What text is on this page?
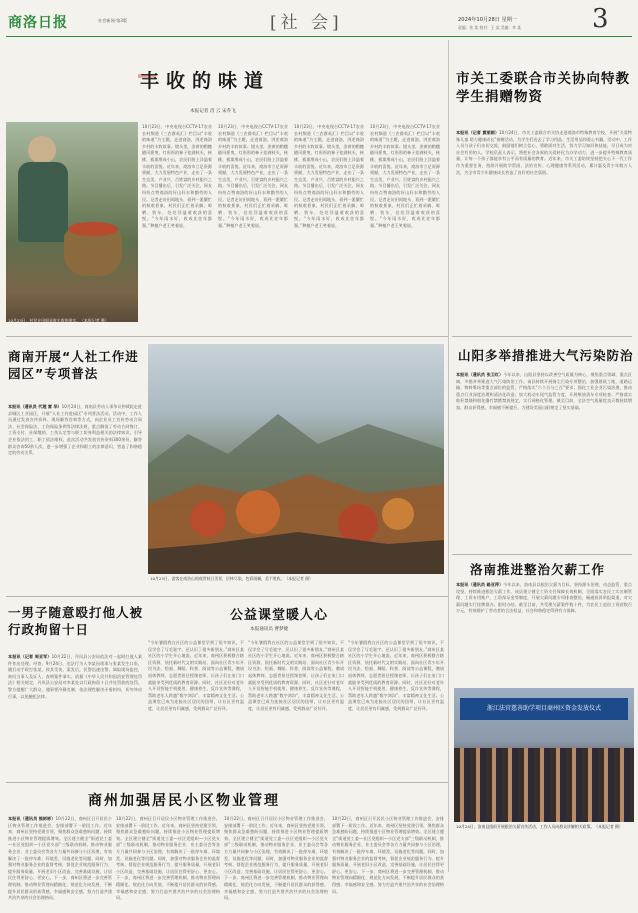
商洛日报	社会新闻·第3版	[社 会]	2024年10月28日 星期一
责编：张 某 校对：王 某 美编：李 某	3
丰收的味道
本报记者 肖 云 宋乔飞
10月23日，村民在田间采收丰收的果实。（本报记者 摄）
10月23日，中央电视台CCTV-17农业农村频道《三农群英汇》栏目以“丰收的味道”为主题，走进商洛，讲述商洛乡村的丰收故事。镜头里，金黄的稻穗随风摇曳，红彤彤的柿子挂满枝头，核桃、板栗堆成小山，农民们脸上洋溢着丰收的喜悦。近年来，商洛市立足资源禀赋，大力发展特色产业，走出了一条生态美、产业兴、百姓富的乡村振兴之路。节目播出后，引发广泛关注，网友纷纷点赞商洛的好山好水和勤劳的人民。记者走访田间地头，看到一派繁忙的秋收景象，村民们正忙着采摘、晾晒、装车，处处洋溢着收获的喜悦。“今年雨水好，收成比往年都强。”种植户老王笑着说。
10月23日，中央电视台CCTV-17农业农村频道《三农群英汇》栏目以“丰收的味道”为主题，走进商洛，讲述商洛乡村的丰收故事。镜头里，金黄的稻穗随风摇曳，红彤彤的柿子挂满枝头，核桃、板栗堆成小山，农民们脸上洋溢着丰收的喜悦。近年来，商洛市立足资源禀赋，大力发展特色产业，走出了一条生态美、产业兴、百姓富的乡村振兴之路。节目播出后，引发广泛关注，网友纷纷点赞商洛的好山好水和勤劳的人民。记者走访田间地头，看到一派繁忙的秋收景象，村民们正忙着采摘、晾晒、装车，处处洋溢着收获的喜悦。“今年雨水好，收成比往年都强。”种植户老王笑着说。
10月23日，中央电视台CCTV-17农业农村频道《三农群英汇》栏目以“丰收的味道”为主题，走进商洛，讲述商洛乡村的丰收故事。镜头里，金黄的稻穗随风摇曳，红彤彤的柿子挂满枝头，核桃、板栗堆成小山，农民们脸上洋溢着丰收的喜悦。近年来，商洛市立足资源禀赋，大力发展特色产业，走出了一条生态美、产业兴、百姓富的乡村振兴之路。节目播出后，引发广泛关注，网友纷纷点赞商洛的好山好水和勤劳的人民。记者走访田间地头，看到一派繁忙的秋收景象，村民们正忙着采摘、晾晒、装车，处处洋溢着收获的喜悦。“今年雨水好，收成比往年都强。”种植户老王笑着说。
10月23日，中央电视台CCTV-17农业农村频道《三农群英汇》栏目以“丰收的味道”为主题，走进商洛，讲述商洛乡村的丰收故事。镜头里，金黄的稻穗随风摇曳，红彤彤的柿子挂满枝头，核桃、板栗堆成小山，农民们脸上洋溢着丰收的喜悦。近年来，商洛市立足资源禀赋，大力发展特色产业，走出了一条生态美、产业兴、百姓富的乡村振兴之路。节目播出后，引发广泛关注，网友纷纷点赞商洛的好山好水和勤劳的人民。记者走访田间地头，看到一派繁忙的秋收景象，村民们正忙着采摘、晾晒、装车，处处洋溢着收获的喜悦。“今年雨水好，收成比往年都强。”种植户老王笑着说。
市关工委联合市关协向特教学生捐赠物资
本报讯（记者 黄丽娟）10月24日，市关工委联合市关协走进商洛市特殊教育学校，开展“关爱特殊儿童 助力健康成长”捐赠活动，为学生们送去了学习用品、生活用品和爱心书籍。活动中，工作人员与孩子们亲切交流，鼓励他们树立信心，勇敢面对生活，努力学习知识和技能，早日成为对社会有用的人。学校负责人表示，将把社会各界的关爱转化为办学动力，进一步提升特殊教育质量，让每一个孩子都能享有公平而有质量的教育。近年来，市关工委始终坚持把关心下一代工作作为重要任务，持续开展助学帮困、法治宣传、心理健康等系列活动，累计惠及青少年数万人次，为全市青少年健康成长营造了良好的社会氛围。
商南开展“人社工作进园区”专项普法
本报讯（通讯员 代理 雷 华）10月24日，商南县劳动人事争议仲裁院走进县城区工业园区，开展“人社工作进园区”专项普法活动。活动中，工作人员通过发放宣传资料、现场解答咨询等方式，向企业员工宣传劳动合同法、社会保险法、工伤保险条例等法律法规，重点解读了劳动合同签订、工资支付、社保缴纳、工伤认定等与职工切身利益相关的法律知识，引导企业依法用工、职工依法维权。此次活动共发放宣传资料300余份，解答群众咨询50余人次，进一步增强了企业和职工的法律意识，营造了和谐稳定的劳动关系。
10月23日，游客在商洛山间观赏秋日美景，层林尽染，色彩斑斓，美不胜收。（本报记者 摄）
山阳多举措推进大气污染防治
本报讯（通讯员 张卫红）今年以来，山阳县坚持以改善空气质量为核心，聚焦重点领域、重点区域，多措并举推进大气污染防治工作。该县持续开展扬尘污染专项整治，加强建筑工地、道路运输、物料堆场等重点部位的监管，严格落实“六个百分之百”要求；强化工业企业污染治理，推动重点行业深度治理和清洁化改造；加大机动车尾气监管力度，开展柴油货车专项检查；严格落实秸秆禁烧和烟花爆竹禁燃禁放规定，实行网格化管理。截至目前，全县空气质量优良天数持续增加，群众获得感、幸福感不断提升，为建设美丽山阳奠定了坚实基础。
洛南推进整治欠薪工作
本报讯（通讯员 路亚萍）今年以来，洛南县以根治欠薪为目标，坚持源头治理、动态监管、重点攻坚，持续推进根治欠薪工作。该县建立健全工资支付保障长效机制，全面落实农民工实名制管理、工资专用账户、工资保证金等制度，开展欠薪问题专项排查整治，畅通投诉举报渠道，对欠薪问题实行挂牌督办、限时办结。截至目前，共受理欠薪案件数十件，为农民工追回工资款数百万元，有效维护了劳动者的合法权益，社会和谐稳定得到有力保障。
浙江法官慈善助学项目商州区资金发放仪式
10月24日，洛南县组织开展根治欠薪宣传活动，工作人员向群众讲解相关政策。（本报记者 摄）
一男子随意殴打他人被行政拘留十日
本报讯（记者 周亚军）10月22日，丹凤县公安局依法对一起殴打他人案件作出处理。经查，9月24日，违法行为人李某因琐事与张某发生口角，随后动手殴打张某，致其受伤。案发后，民警迅速出警，调取现场监控，询问当事人及证人，查明案件事实。依据《中华人民共和国治安管理处罚法》相关规定，丹凤县公安局对李某处以行政拘留十日并处罚款的处罚。警方提醒广大群众，遇事要冷静克制，依法理性解决矛盾纠纷，切勿冲动行事，以免触犯法律。
公益课堂暖人心
本报通讯员 曹梦婕
“今年暑假我在社区的公益课堂学到了很多知识，不仅学会了写毛笔字，还认识了很多新朋友。”商州区某社区的小学生开心地说。近年来，商州区积极整合辖区资源，依托新时代文明实践站，面向社区青少年开设书法、绘画、舞蹈、科普、阅读等公益课程，邀请退休教师、志愿者担任授课老师，让孩子们在家门口就能享受到优质的教育资源。同时，社区还针对老年人开设智能手机使用、健康养生、反诈宣传等课程，帮助老年人跨越“数字鸿沟”，丰富精神文化生活。公益课堂已成为连接社区居民的纽带，让社区更有温度，让居民更有归属感，受到群众广泛好评。
“今年暑假我在社区的公益课堂学到了很多知识，不仅学会了写毛笔字，还认识了很多新朋友。”商州区某社区的小学生开心地说。近年来，商州区积极整合辖区资源，依托新时代文明实践站，面向社区青少年开设书法、绘画、舞蹈、科普、阅读等公益课程，邀请退休教师、志愿者担任授课老师，让孩子们在家门口就能享受到优质的教育资源。同时，社区还针对老年人开设智能手机使用、健康养生、反诈宣传等课程，帮助老年人跨越“数字鸿沟”，丰富精神文化生活。公益课堂已成为连接社区居民的纽带，让社区更有温度，让居民更有归属感，受到群众广泛好评。
“今年暑假我在社区的公益课堂学到了很多知识，不仅学会了写毛笔字，还认识了很多新朋友。”商州区某社区的小学生开心地说。近年来，商州区积极整合辖区资源，依托新时代文明实践站，面向社区青少年开设书法、绘画、舞蹈、科普、阅读等公益课程，邀请退休教师、志愿者担任授课老师，让孩子们在家门口就能享受到优质的教育资源。同时，社区还针对老年人开设智能手机使用、健康养生、反诈宣传等课程，帮助老年人跨越“数字鸿沟”，丰富精神文化生活。公益课堂已成为连接社区居民的纽带，让社区更有温度，让居民更有归属感，受到群众广泛好评。
商州加强居民小区物业管理
本报讯（通讯员 熊彬彬）10月22日，商州区召开居民小区物业管理工作推进会，安排部署下一阶段工作。近年来，商州区坚持党建引领，聚焦群众急难愁盼问题，持续推进小区物业管理提质增效。全区建立健全“街道党工委—社区党组织—小区党支部”三级联动机制，推动物业服务企业、业主委员会等各方力量共同参与小区治理，有效解决了一批停车难、环境差、设施老化等问题。同时，加强对物业服务企业的监督考核，督促企业规范服务行为、提升服务质量，开展老旧小区改造，完善基础设施，让居民住得更舒心、更安心。下一步，商州区将进一步完善管理机制，推动物业管理向精细化、规范化方向发展，不断提升居民群众的获得感、幸福感和安全感，努力打造共建共治共享的社会治理格局。
10月22日，商州区召开居民小区物业管理工作推进会，安排部署下一阶段工作。近年来，商州区坚持党建引领，聚焦群众急难愁盼问题，持续推进小区物业管理提质增效。全区建立健全“街道党工委—社区党组织—小区党支部”三级联动机制，推动物业服务企业、业主委员会等各方力量共同参与小区治理，有效解决了一批停车难、环境差、设施老化等问题。同时，加强对物业服务企业的监督考核，督促企业规范服务行为、提升服务质量，开展老旧小区改造，完善基础设施，让居民住得更舒心、更安心。下一步，商州区将进一步完善管理机制，推动物业管理向精细化、规范化方向发展，不断提升居民群众的获得感、幸福感和安全感，努力打造共建共治共享的社会治理格局。
10月22日，商州区召开居民小区物业管理工作推进会，安排部署下一阶段工作。近年来，商州区坚持党建引领，聚焦群众急难愁盼问题，持续推进小区物业管理提质增效。全区建立健全“街道党工委—社区党组织—小区党支部”三级联动机制，推动物业服务企业、业主委员会等各方力量共同参与小区治理，有效解决了一批停车难、环境差、设施老化等问题。同时，加强对物业服务企业的监督考核，督促企业规范服务行为、提升服务质量，开展老旧小区改造，完善基础设施，让居民住得更舒心、更安心。下一步，商州区将进一步完善管理机制，推动物业管理向精细化、规范化方向发展，不断提升居民群众的获得感、幸福感和安全感，努力打造共建共治共享的社会治理格局。
10月22日，商州区召开居民小区物业管理工作推进会，安排部署下一阶段工作。近年来，商州区坚持党建引领，聚焦群众急难愁盼问题，持续推进小区物业管理提质增效。全区建立健全“街道党工委—社区党组织—小区党支部”三级联动机制，推动物业服务企业、业主委员会等各方力量共同参与小区治理，有效解决了一批停车难、环境差、设施老化等问题。同时，加强对物业服务企业的监督考核，督促企业规范服务行为、提升服务质量，开展老旧小区改造，完善基础设施，让居民住得更舒心、更安心。下一步，商州区将进一步完善管理机制，推动物业管理向精细化、规范化方向发展，不断提升居民群众的获得感、幸福感和安全感，努力打造共建共治共享的社会治理格局。
